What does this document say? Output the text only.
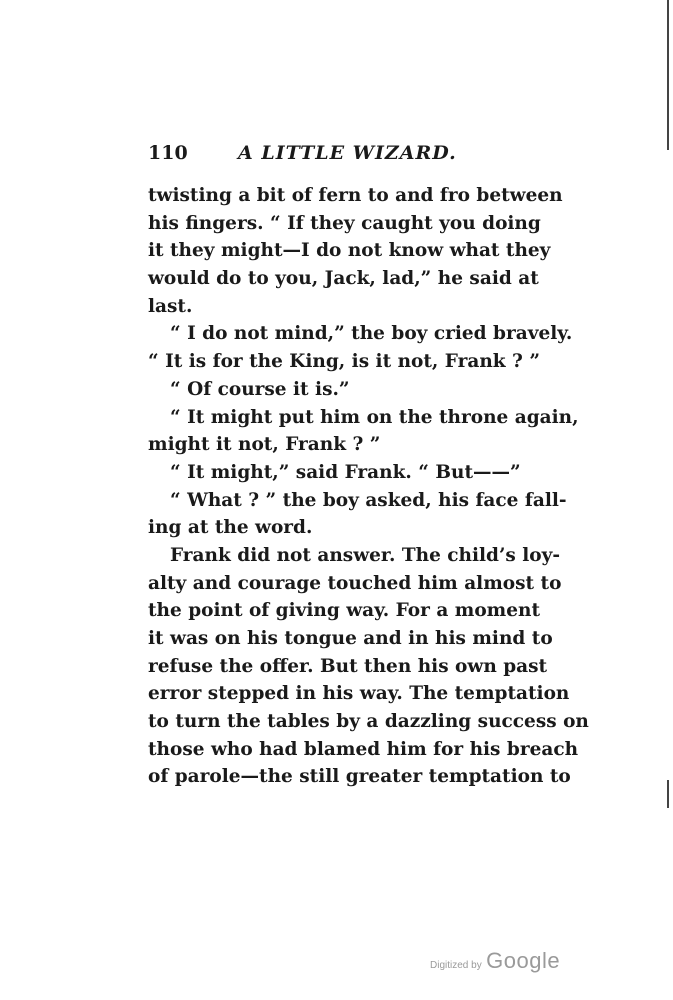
110	A LITTLE WIZARD.
twisting a bit of fern to and fro between
his fingers. “ If they caught you doing
it they might—I do not know what they
would do to you, Jack, lad,” he said at
last.
“ I do not mind,” the boy cried bravely.
“ It is for the King, is it not, Frank ? ”
“ Of course it is.”
“ It might put him on the throne again,
might it not, Frank ? ”
“ It might,” said Frank. “ But——”
“ What ? ” the boy asked, his face fall-
ing at the word.
Frank did not answer. The child’s loy-
alty and courage touched him almost to
the point of giving way. For a moment
it was on his tongue and in his mind to
refuse the offer. But then his own past
error stepped in his way. The temptation
to turn the tables by a dazzling success on
those who had blamed him for his breach
of parole—the still greater temptation to
Digitized by Google
